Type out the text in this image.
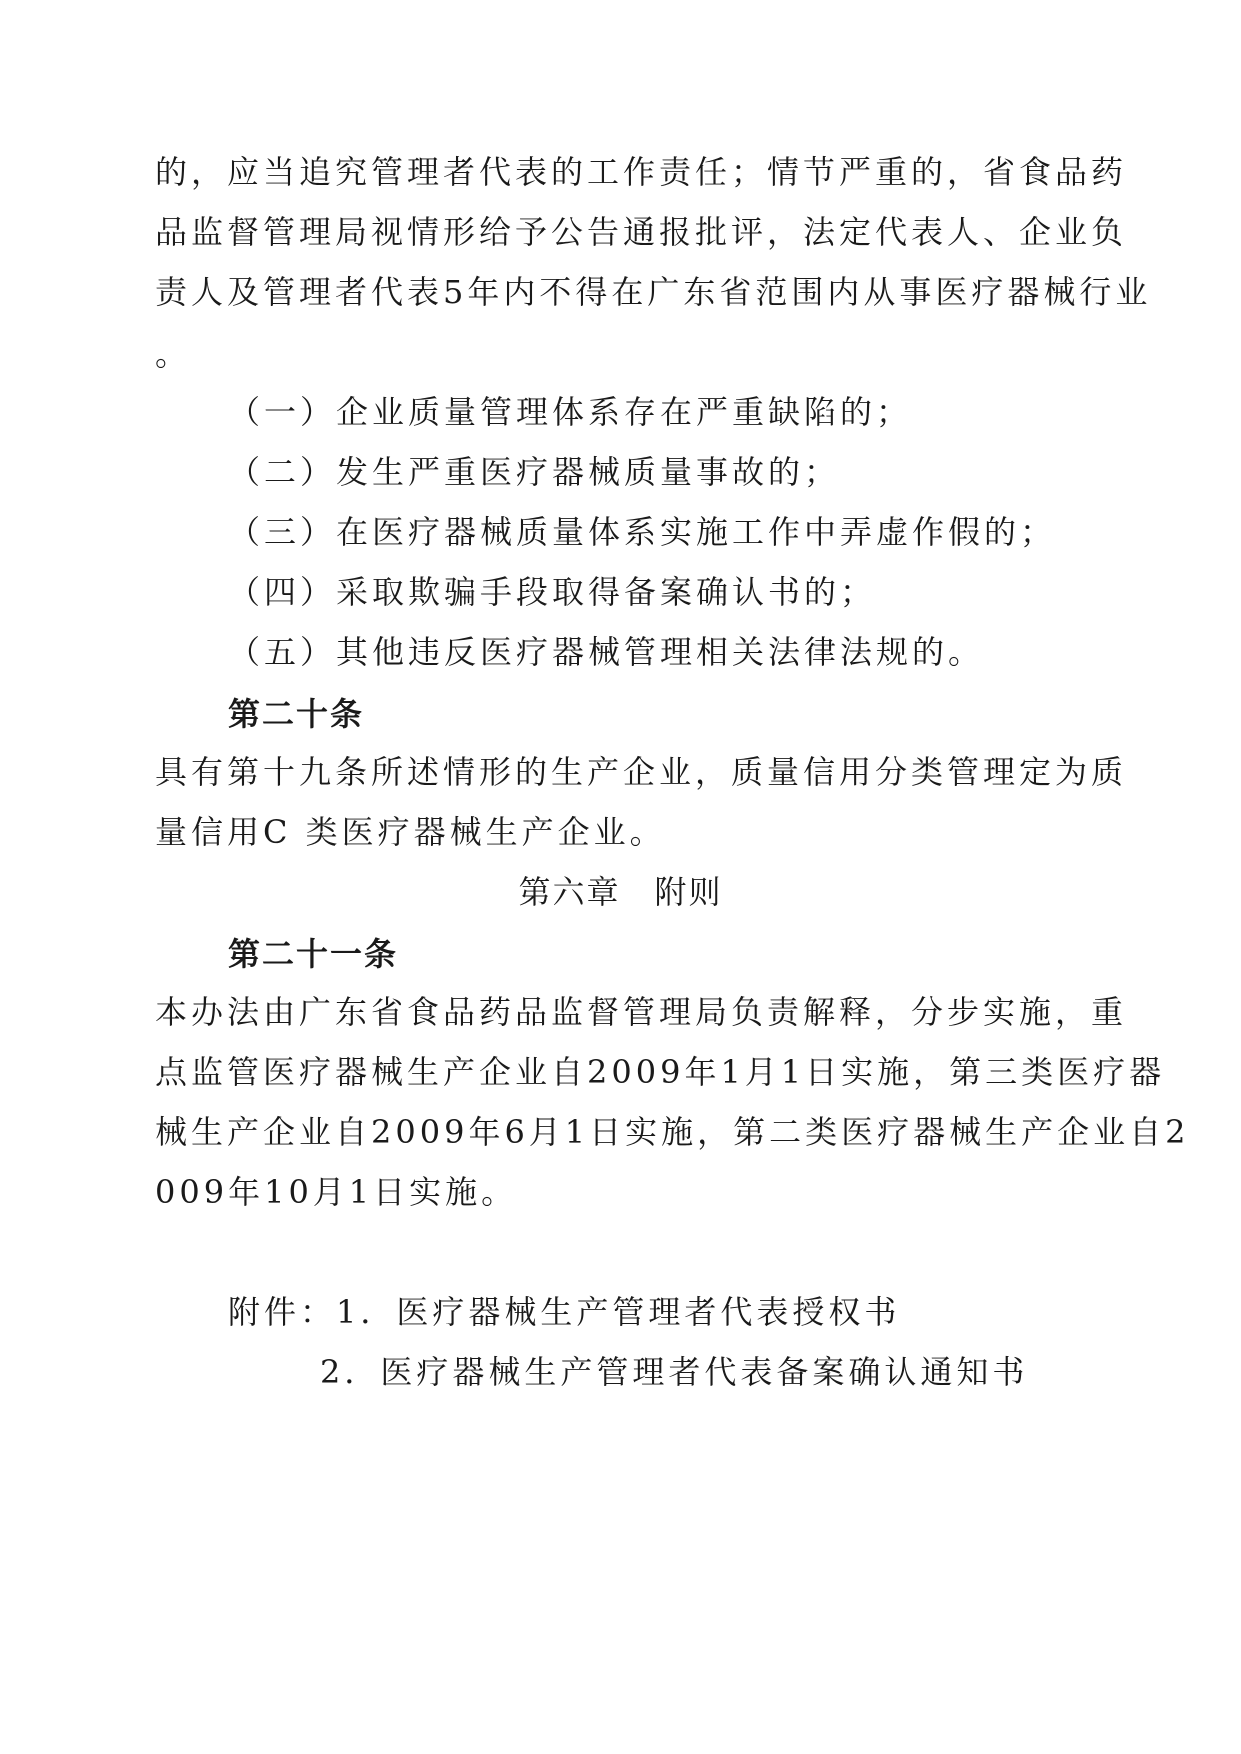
的，应当追究管理者代表的工作责任；情节严重的，省食品药
品监督管理局视情形给予公告通报批评，法定代表人、企业负
责人及管理者代表5年内不得在广东省范围内从事医疗器械行业
。
（一）企业质量管理体系存在严重缺陷的；
（二）发生严重医疗器械质量事故的；
（三）在医疗器械质量体系实施工作中弄虚作假的；
（四）采取欺骗手段取得备案确认书的；
（五）其他违反医疗器械管理相关法律法规的。
第二十条
具有第十九条所述情形的生产企业，质量信用分类管理定为质
量信用C 类医疗器械生产企业。
第六章　附则
第二十一条
本办法由广东省食品药品监督管理局负责解释，分步实施，重
点监管医疗器械生产企业自2009年1月1日实施，第三类医疗器
械生产企业自2009年6月1日实施，第二类医疗器械生产企业自2
009年10月1日实施。
附件：1．医疗器械生产管理者代表授权书
2．医疗器械生产管理者代表备案确认通知书
